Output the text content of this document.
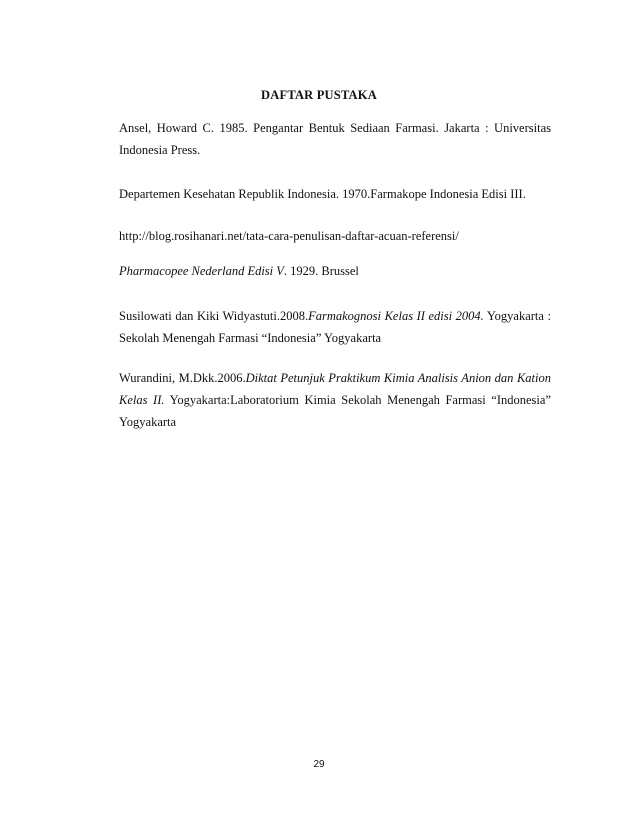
DAFTAR PUSTAKA

Ansel, Howard C. 1985. Pengantar Bentuk Sediaan Farmasi. Jakarta : Universitas Indonesia Press.

Departemen Kesehatan Republik Indonesia. 1970.Farmakope Indonesia Edisi III.

http://blog.rosihanari.net/tata-cara-penulisan-daftar-acuan-referensi/

Pharmacopee Nederland Edisi V. 1929. Brussel

Susilowati dan Kiki Widyastuti.2008.Farmakognosi Kelas II edisi 2004. Yogyakarta : Sekolah Menengah Farmasi “Indonesia” Yogyakarta

Wurandini, M.Dkk.2006.Diktat Petunjuk Praktikum Kimia Analisis Anion dan Kation Kelas II. Yogyakarta:Laboratorium Kimia Sekolah Menengah Farmasi “Indonesia” Yogyakarta

29
